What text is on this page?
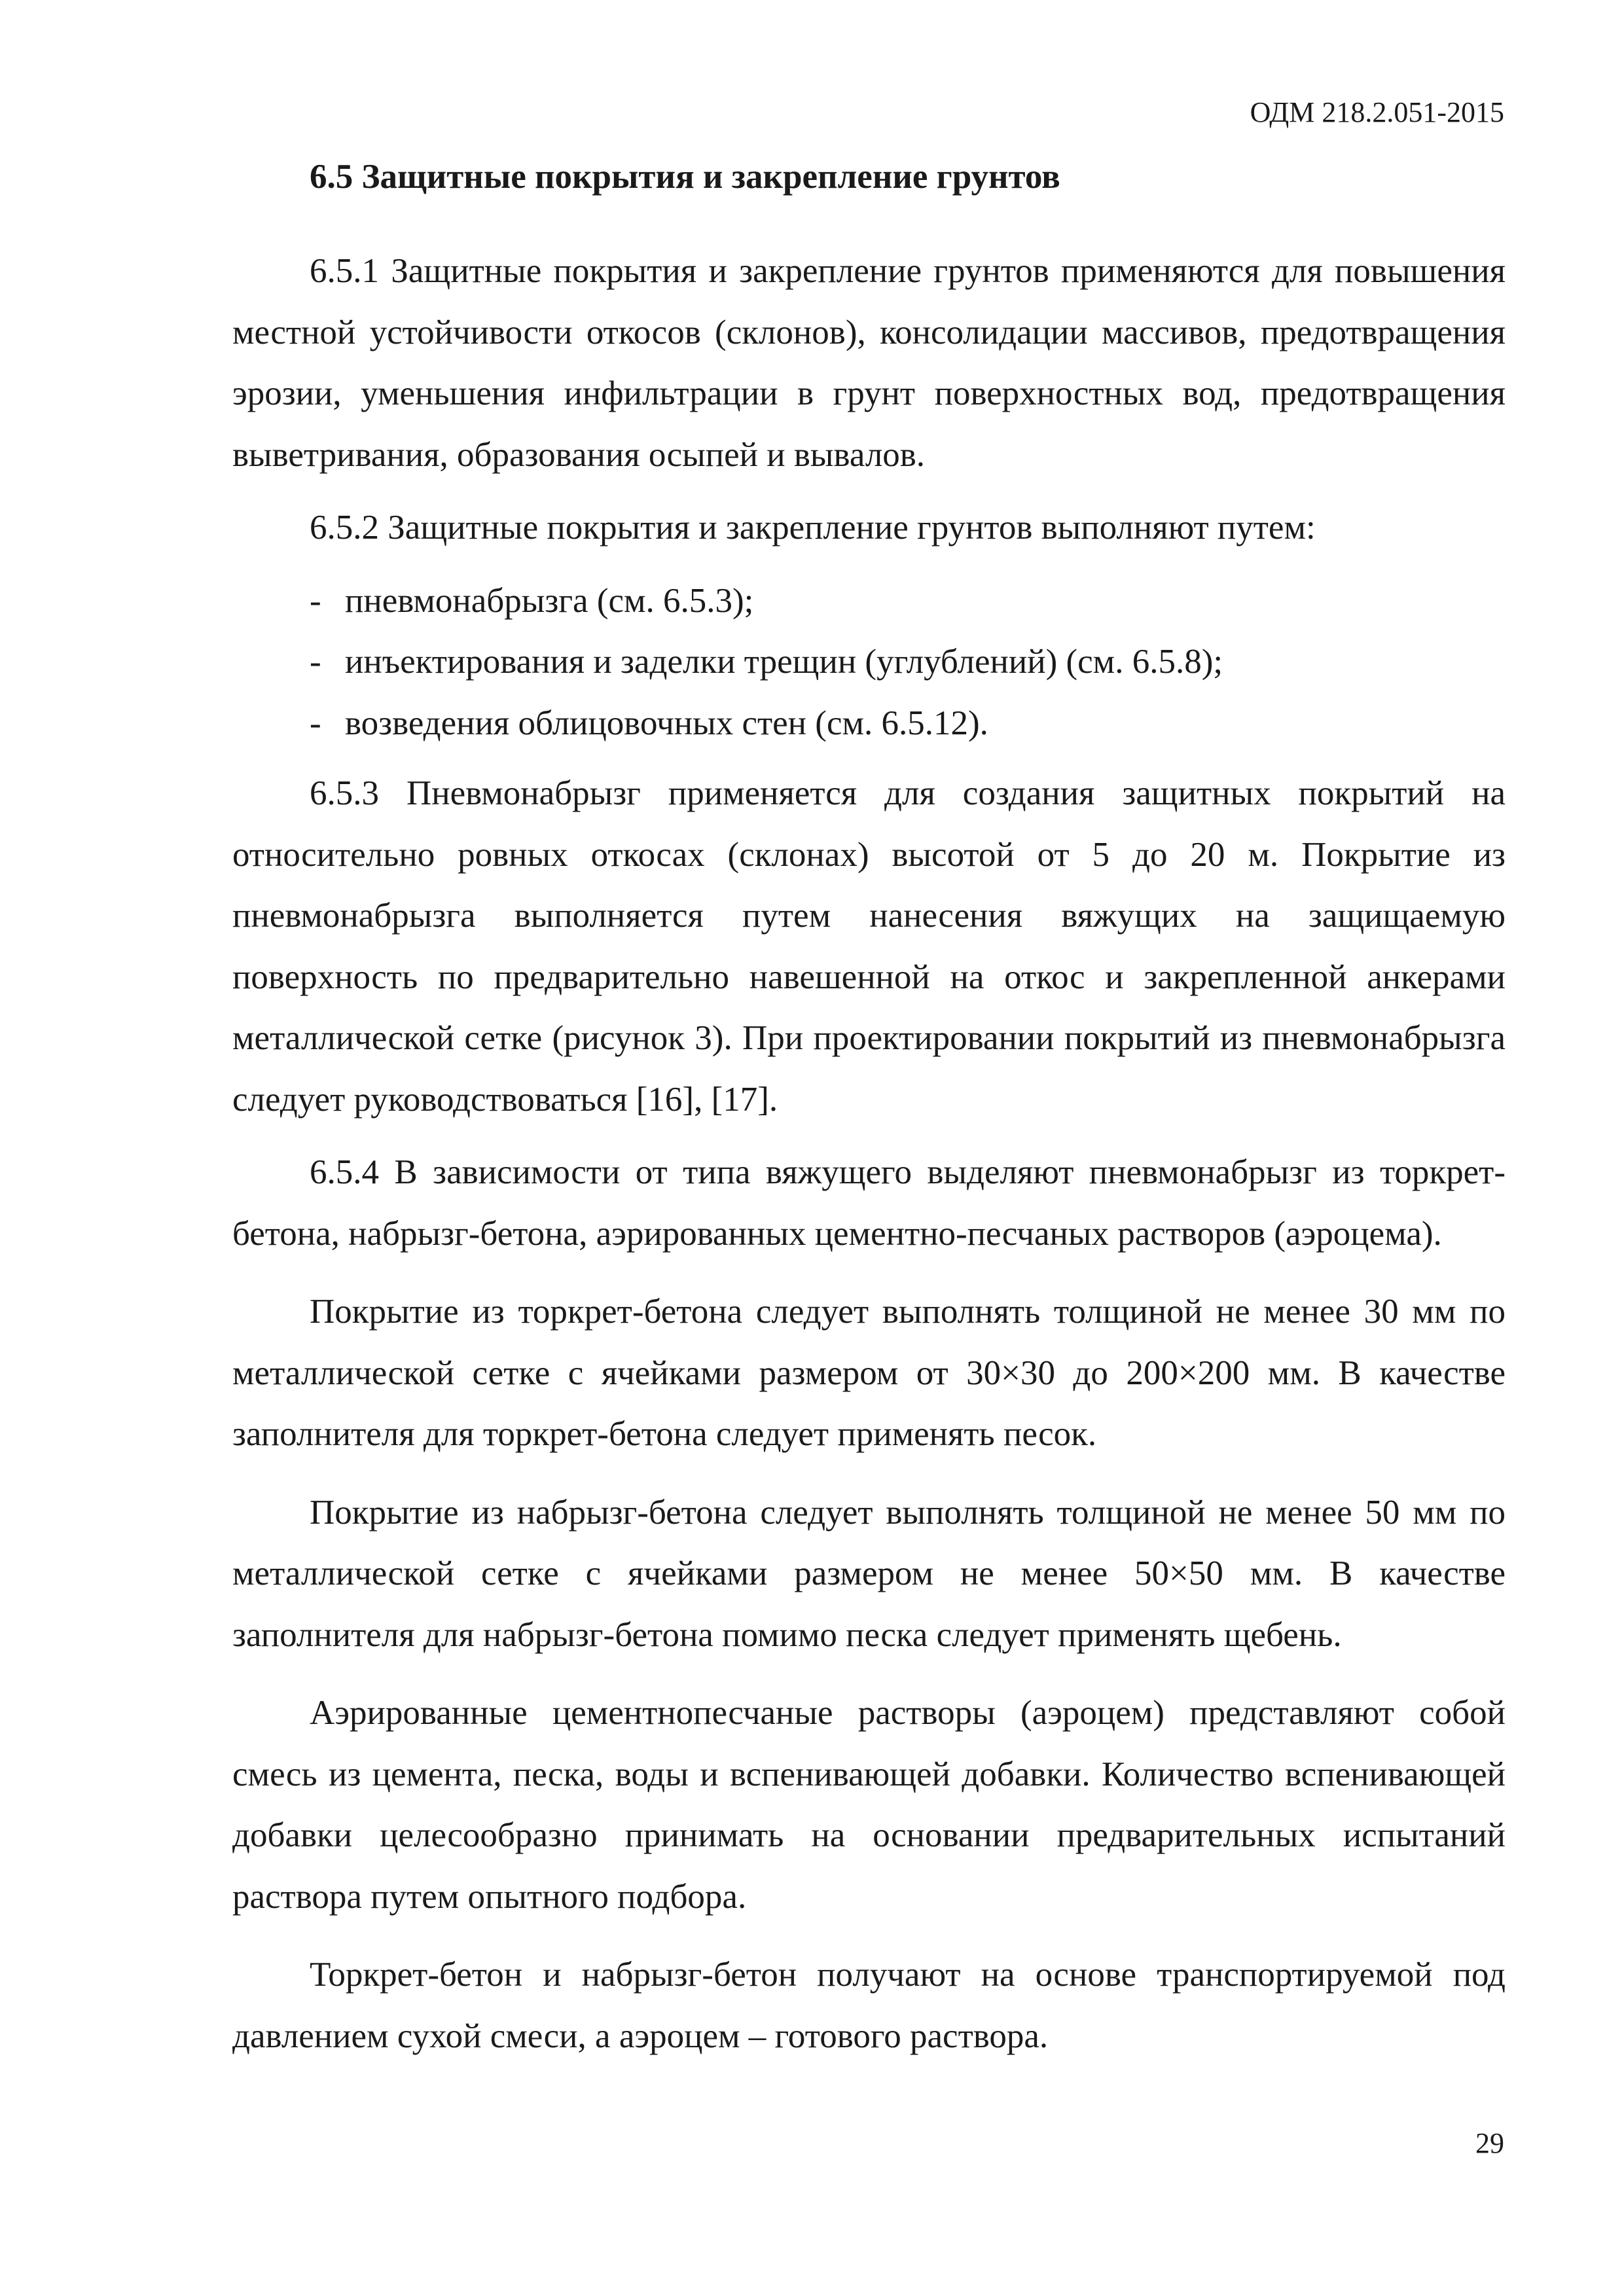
ОДМ 218.2.051-2015
6.5 Защитные покрытия и закрепление грунтов

6.5.1 Защитные покрытия и закрепление грунтов применяются для повышения местной устойчивости откосов (склонов), консолидации массивов, предотвращения эрозии, уменьшения инфильтрации в грунт поверхностных вод, предотвращения выветривания, образования осыпей и вывалов.

6.5.2 Защитные покрытия и закрепление грунтов выполняют путем:

- пневмонабрызга (см. 6.5.3);
- инъектирования и заделки трещин (углублений) (см. 6.5.8);
- возведения облицовочных стен (см. 6.5.12).

6.5.3 Пневмонабрызг применяется для создания защитных покрытий на относительно ровных откосах (склонах) высотой от 5 до 20 м. Покрытие из пневмонабрызга выполняется путем нанесения вяжущих на защищаемую поверхность по предварительно навешенной на откос и закрепленной анкерами металлической сетке (рисунок 3). При проектировании покрытий из пневмонабрызга следует руководствоваться [16], [17].

6.5.4 В зависимости от типа вяжущего выделяют пневмонабрызг из торкрет-бетона, набрызг-бетона, аэрированных цементно-песчаных растворов (аэроцема).

Покрытие из торкрет-бетона следует выполнять толщиной не менее 30 мм по металлической сетке с ячейками размером от 30×30 до 200×200 мм. В качестве заполнителя для торкрет-бетона следует применять песок.

Покрытие из набрызг-бетона следует выполнять толщиной не менее 50 мм по металлической сетке с ячейками размером не менее 50×50 мм. В качестве заполнителя для набрызг-бетона помимо песка следует применять щебень.

Аэрированные цементнопесчаные растворы (аэроцем) представляют собой смесь из цемента, песка, воды и вспенивающей добавки. Количество вспенивающей добавки целесообразно принимать на основании предварительных испытаний раствора путем опытного подбора.

Торкрет-бетон и набрызг-бетон получают на основе транспортируемой под давлением сухой смеси, а аэроцем – готового раствора.

29
